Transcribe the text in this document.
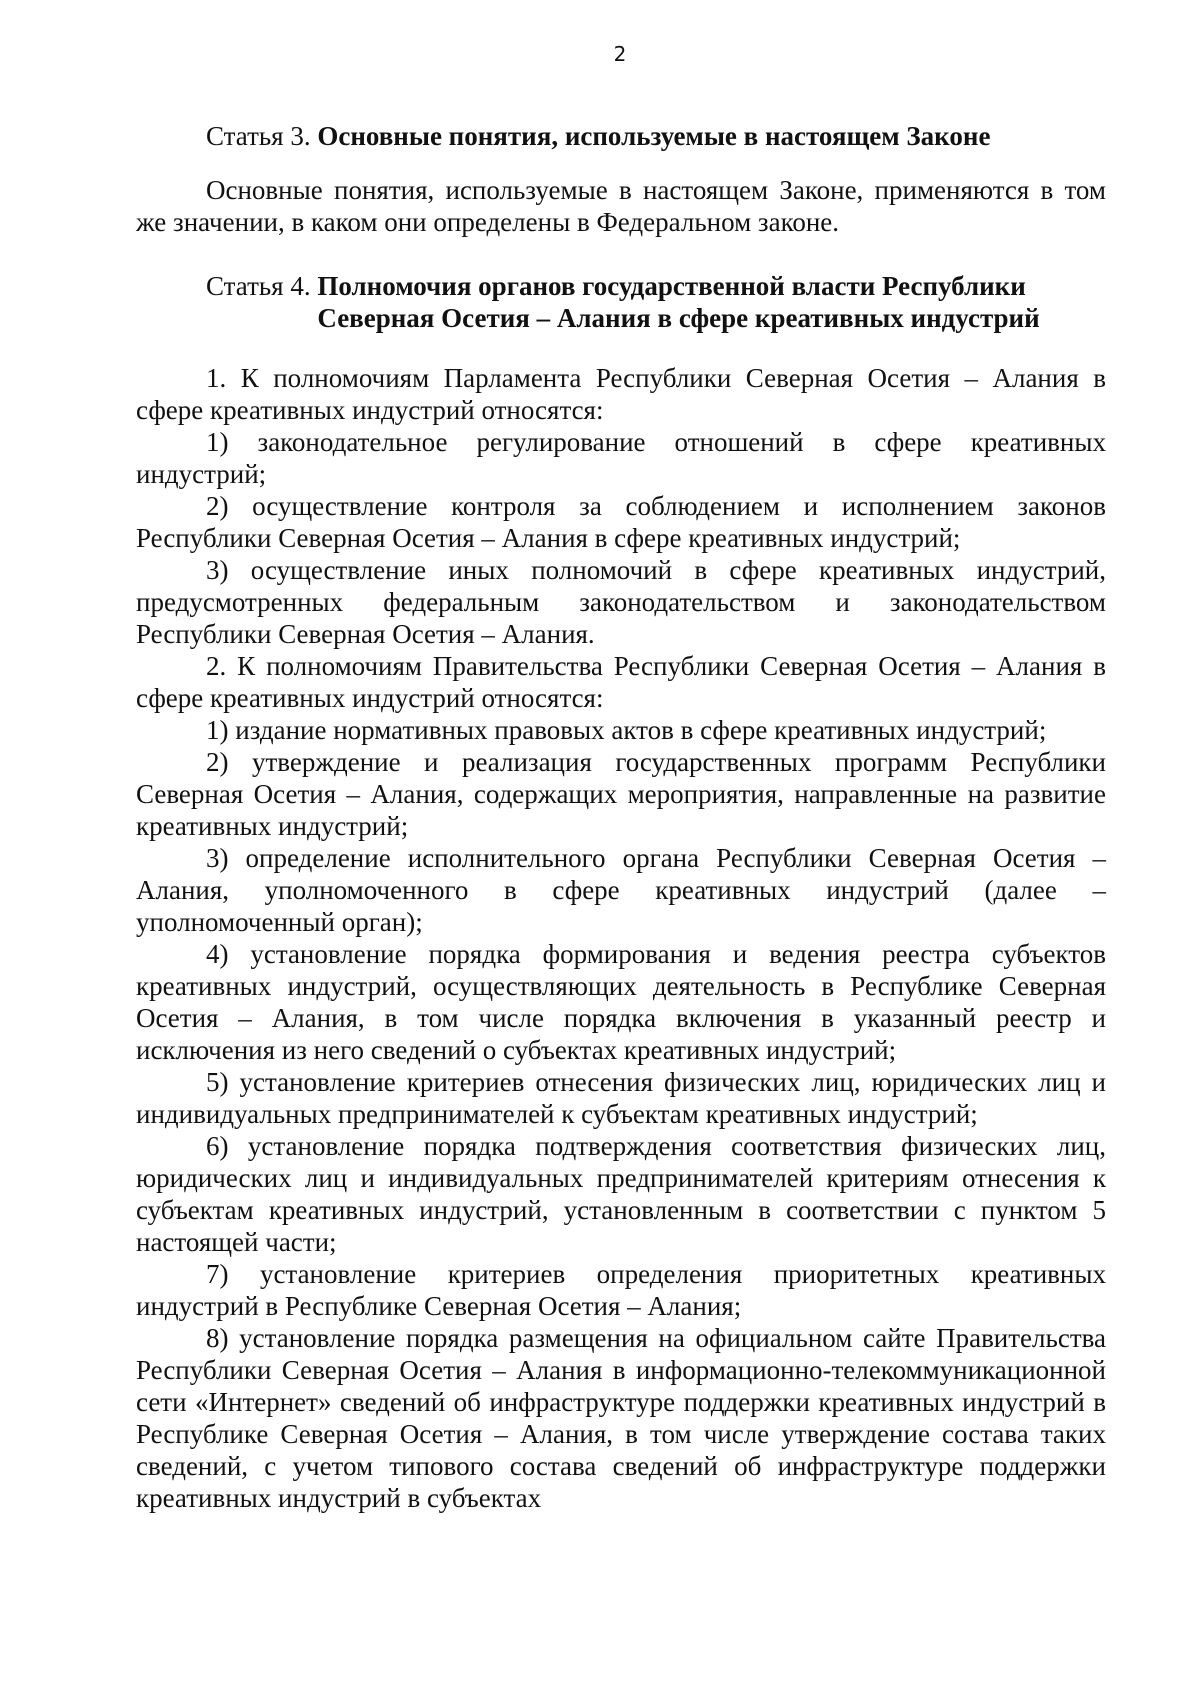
2
Статья 3. Основные понятия, используемые в настоящем Законе

Основные понятия, используемые в настоящем Законе, применяются в том же значении, в каком они определены в Федеральном законе.

Статья 4. Полномочия органов государственной власти Республики Северная Осетия – Алания в сфере креативных индустрий

1. К полномочиям Парламента Республики Северная Осетия – Алания в сфере креативных индустрий относятся:

1) законодательное регулирование отношений в сфере креативных индустрий;

2) осуществление контроля за соблюдением и исполнением законов Республики Северная Осетия – Алания в сфере креативных индустрий;

3) осуществление иных полномочий в сфере креативных индустрий, предусмотренных федеральным законодательством и законодательством Республики Северная Осетия – Алания.

2. К полномочиям Правительства Республики Северная Осетия – Алания в сфере креативных индустрий относятся:

1) издание нормативных правовых актов в сфере креативных индустрий;

2) утверждение и реализация государственных программ Республики Северная Осетия – Алания, содержащих мероприятия, направленные на развитие креативных индустрий;

3) определение исполнительного органа Республики Северная Осетия – Алания, уполномоченного в сфере креативных индустрий (далее – уполномоченный орган);

4) установление порядка формирования и ведения реестра субъектов креативных индустрий, осуществляющих деятельность в Республике Северная Осетия – Алания, в том числе порядка включения в указанный реестр и исключения из него сведений о субъектах креативных индустрий;

5) установление критериев отнесения физических лиц, юридических лиц и индивидуальных предпринимателей к субъектам креативных индустрий;

6) установление порядка подтверждения соответствия физических лиц, юридических лиц и индивидуальных предпринимателей критериям отнесения к субъектам креативных индустрий, установленным в соответствии с пунктом 5 настоящей части;

7) установление критериев определения приоритетных креативных индустрий в Республике Северная Осетия – Алания;

8) установление порядка размещения на официальном сайте Правительства Республики Северная Осетия – Алания в информационно-телекоммуникационной сети «Интернет» сведений об инфраструктуре поддержки креативных индустрий в Республике Северная Осетия – Алания, в том числе утверждение состава таких сведений, с учетом типового состава сведений об инфраструктуре поддержки креативных индустрий в субъектах
